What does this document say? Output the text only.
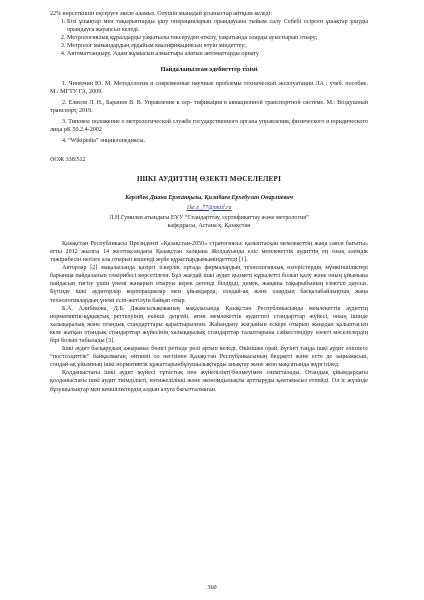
22% көрсеткішін еңсеруге әкеле аламыз. Олушін мынадай ұсыныстар айтқым келеді:

1. Бізі ұшақтар мен тақырыптарды ұшу операцияларын орындауына тыйым салу Себебі есірсен ұшақтар ұшуды орындауға жауапсыз келеді.
2. Метрологиялық құралдарды уақытылы тексеруден өткізу, уақытында оларды ауыстырып отыру;
3. Метролог мамандардың әрдайым квалификациясын өтуін міндеттеу;
4. Автоматтандыру. Адам жұмысын алмастыра алатын автоматтарды орнату.

Пайдаланылған әдебиеттер тізімі

1. Чинючин Ю. М. Методология и современные научные проблемы технической эксплуатации ЛА : учеб. пособие. М.: МГТУ ГА, 2009.
2. Елисов Л. Н., Баранов В. В. Управление к сер- тификация в авиационной транспортной системе. М.: Воздушный транспорт, 2019.
3. Типовое положение о метрологической службе государственного органа управления, физического и юридического лица рК 50.2.4-2002
4. “Wikipedia” энциклопедиясы.

ӘОЖ 338:512

ІШКІ АУДИТТІҢ ӨЗЕКТІ МӘСЕЛЕЛЕРІ

Керлібек Диана Ержанқызы, Қилибаев Ерхебулан Онарлиевич

1ke.e_77@mail.ru

Л.Н.Гумилев атындағы ЕҰУ “Стандарттау, сертификаттау және метрология”

кафедрасы, Астана қ. Қазақстан

Қазақстан Республикасы Президенті «Қазақстан-2050» стратегиясы: қалыптасқан мемлекеттің жаңа саяси бағыты» атты 2012 жылғы 14 желтоқсандағы Қазақстан халқына Жолдауында еліс мемлекеттік аудиттің ең озық әлемдік тәжірибесін негізге ала отырып кешенді жүйе құрастырдымыміндеттеді [1].

Авторлар [2] мақаласында қазіргі іскерлік ортада фирмалардың технологиялық өзгерістердің мүмкіншіліктері барынша пайдаланып тәжірибесі көрсетілген. Бұл жағдай ішкі аудит қызметі кұрылетті болып қалу және оның ұйымына пайдасын тигізу үшін үнемі жаңарып отыруы керек дегенді білдірді, демек, жаңаша тақырыбының езектілі даусыз. Бүгінде ішкі аудиторлар корпорациялар мен ұйымдарда, сондай-ақ және олардың басқалабайлықтың жаңа технологиялардың үнемі есіп-жетілуін байқап отыр.

Б.А. Алибекова, Д.Б. Джаксылыкованың мақаласында Қазақстан Республикасында мемлекеттік аудиттің нормативтік-құқықтық реттелуінің екінші деңгейі, яғни мемлекеттік аудиттегі стандарттар жүйесі, оның ішінде халықаралық және отандық стандарттары қарастырылған. Жаһандану жағдайын ескере отырып жаңадан қалыптасып келе жатқан отандық стандарттар жүйесінің халықаралық стандарттар талаптарына сәйкестендіру өзекті мәселелердің бірі болып табылады [3].

Ішкі аудит басқарудың ажырамас бөлігі ретінде рөлі артып келеді. Өкінішке орай, бүгінгі таңда ішкі аудит әліппесе “постсоциттік” байқалмаған, өйткені ол негізінен Қазақстан Республикасының бюджеті және есте де заңнамасын, сондай-ақ ұйымның ішкі нормативтік құжаттарынбұзушылықтарды анықтау және жою мақсатында жүргізілед.

Қолданыстағы ішкі аудит жүйесі тұтастық пен жүйелілікті/бөлмеуімен сипатталады. Отандық ұйымдардағы қолданыстағы ішкі аудит тиімділікті, нәтижеліліккі және экономдылықты арттыруды қамтамасыз етпейді. Ол іс жүзінде бұзушылықтар мен кемшіліктердің алдын алуға бағытталмаған.

360
